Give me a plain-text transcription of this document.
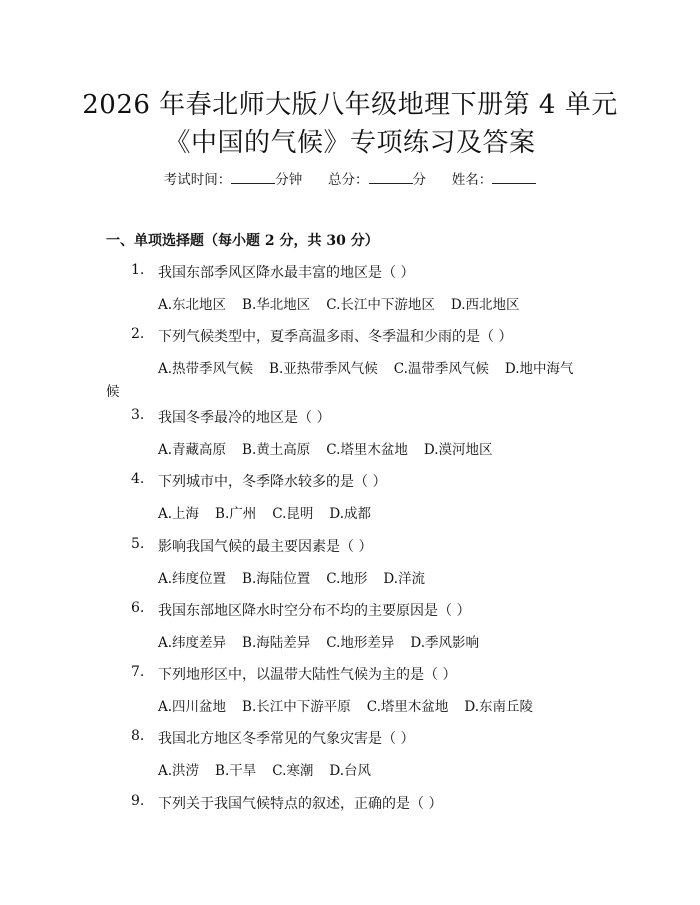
2026 年春北师大版八年级地理下册第 4 单元
《中国的气候》专项练习及答案
考试时间：	分钟 总分：	分 姓名：
一、单项选择题（每小题 2 分，共 30 分）
1. 我国东部季风区降水最丰富的地区是（ ）
A.东北地区 B.华北地区 C.长江中下游地区 D.西北地区
2. 下列气候类型中，夏季高温多雨、冬季温和少雨的是（ ）
A.热带季风气候 B.亚热带季风气候 C.温带季风气候 D.地中海气
候
3. 我国冬季最冷的地区是（ ）
A.青藏高原 B.黄土高原 C.塔里木盆地 D.漠河地区
4. 下列城市中，冬季降水较多的是（ ）
A.上海 B.广州 C.昆明 D.成都
5. 影响我国气候的最主要因素是（ ）
A.纬度位置 B.海陆位置 C.地形 D.洋流
6. 我国东部地区降水时空分布不均的主要原因是（ ）
A.纬度差异 B.海陆差异 C.地形差异 D.季风影响
7. 下列地形区中，以温带大陆性气候为主的是（ ）
A.四川盆地 B.长江中下游平原 C.塔里木盆地 D.东南丘陵
8. 我国北方地区冬季常见的气象灾害是（ ）
A.洪涝 B.干旱 C.寒潮 D.台风
9. 下列关于我国气候特点的叙述，正确的是（ ）
